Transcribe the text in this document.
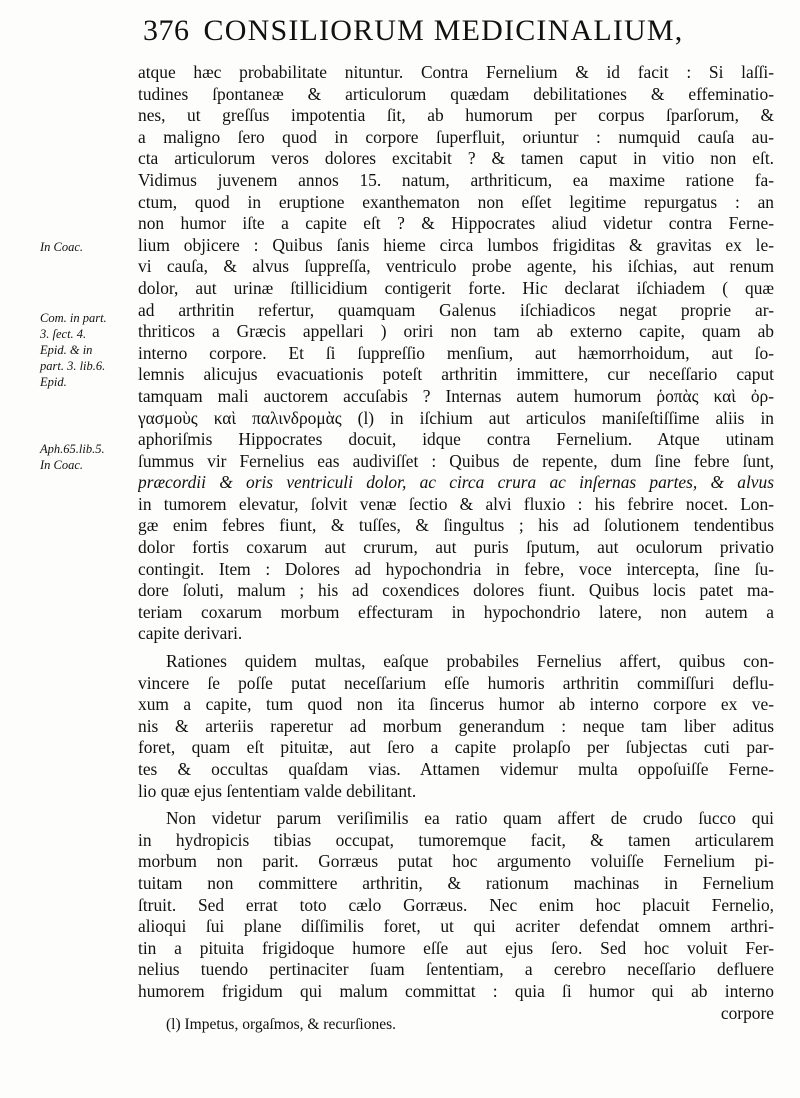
376 CONSILIORUM MEDICINALIUM,
atque hæc probabilitate nituntur. Contra Fernelium & id facit : Si laſſi-
tudines ſpontaneæ & articulorum quædam debilitationes & effeminatio-
nes, ut greſſus impotentia ſit, ab humorum per corpus ſparſorum, &
a maligno ſero quod in corpore ſuperfluit, oriuntur : numquid cauſa au-
cta articulorum veros dolores excitabit ? & tamen caput in vitio non eſt.
Vidimus juvenem annos 15. natum, arthriticum, ea maxime ratione fa-
ctum, quod in eruptione exanthematon non eſſet legitime repurgatus : an
non humor iſte a capite eſt ? & Hippocrates aliud videtur contra Ferne-
lium objicere : Quibus ſanis hieme circa lumbos frigiditas & gravitas ex le-
vi cauſa, & alvus ſuppreſſa, ventriculo probe agente, his iſchias, aut renum
dolor, aut urinæ ſtillicidium contigerit forte. Hic declarat iſchiadem ( quæ
ad arthritin refertur, quamquam Galenus iſchiadicos negat proprie ar-
thriticos a Græcis appellari ) oriri non tam ab externo capite, quam ab
interno corpore. Et ſi ſuppreſſio menſium, aut hæmorrhoidum, aut ſo-
lemnis alicujus evacuationis poteſt arthritin immittere, cur neceſſario caput
tamquam mali auctorem accuſabis ? Internas autem humorum ῥοπὰς καὶ ὀρ-
γασμοὺς καὶ παλινδρομὰς (l) in iſchium aut articulos maniſeſtiſſime aliis in
aphoriſmis Hippocrates docuit, idque contra Fernelium. Atque utinam
ſummus vir Fernelius eas audiviſſet : Quibus de repente, dum ſine febre ſunt,
præcordii & oris ventriculi dolor, ac circa crura ac inſernas partes, & alvus
in tumorem elevatur, ſolvit venæ ſectio & alvi fluxio : his febrire nocet. Lon-
gæ enim febres fiunt, & tuſſes, & ſingultus ; his ad ſolutionem tendentibus
dolor fortis coxarum aut crurum, aut puris ſputum, aut oculorum privatio
contingit. Item : Dolores ad hypochondria in febre, voce intercepta, ſine ſu-
dore ſoluti, malum ; his ad coxendices dolores fiunt. Quibus locis patet ma-
teriam coxarum morbum effecturam in hypochondrio latere, non autem a
capite derivari.
Rationes quidem multas, eaſque probabiles Fernelius affert, quibus con-
vincere ſe poſſe putat neceſſarium eſſe humoris arthritin commiſſuri deflu-
xum a capite, tum quod non ita ſincerus humor ab interno corpore ex ve-
nis & arteriis raperetur ad morbum generandum : neque tam liber aditus
foret, quam eſt pituitæ, aut ſero a capite prolapſo per ſubjectas cuti par-
tes & occultas quaſdam vias. Attamen videmur multa oppoſuiſſe Ferne-
lio quæ ejus ſententiam valde debilitant.
Non videtur parum veriſimilis ea ratio quam affert de crudo ſucco qui
in hydropicis tibias occupat, tumoremque facit, & tamen articularem
morbum non parit. Gorræus putat hoc argumento voluiſſe Fernelium pi-
tuitam non committere arthritin, & rationum machinas in Fernelium
ſtruit. Sed errat toto cælo Gorræus. Nec enim hoc placuit Fernelio,
alioqui ſui plane diſſimilis foret, ut qui acriter defendat omnem arthri-
tin a pituita frigidoque humore eſſe aut ejus ſero. Sed hoc voluit Fer-
nelius tuendo pertinaciter ſuam ſententiam, a cerebro neceſſario defluere
humorem frigidum qui malum committat : quia ſi humor qui ab interno
corpore
In Coac.
Com. in part.
3. ſect. 4.
Epid. & in
part. 3. lib.6.
Epid.
Aph.65.lib.5.
In Coac.
(l) Impetus, orgaſmos, & recurſiones.
